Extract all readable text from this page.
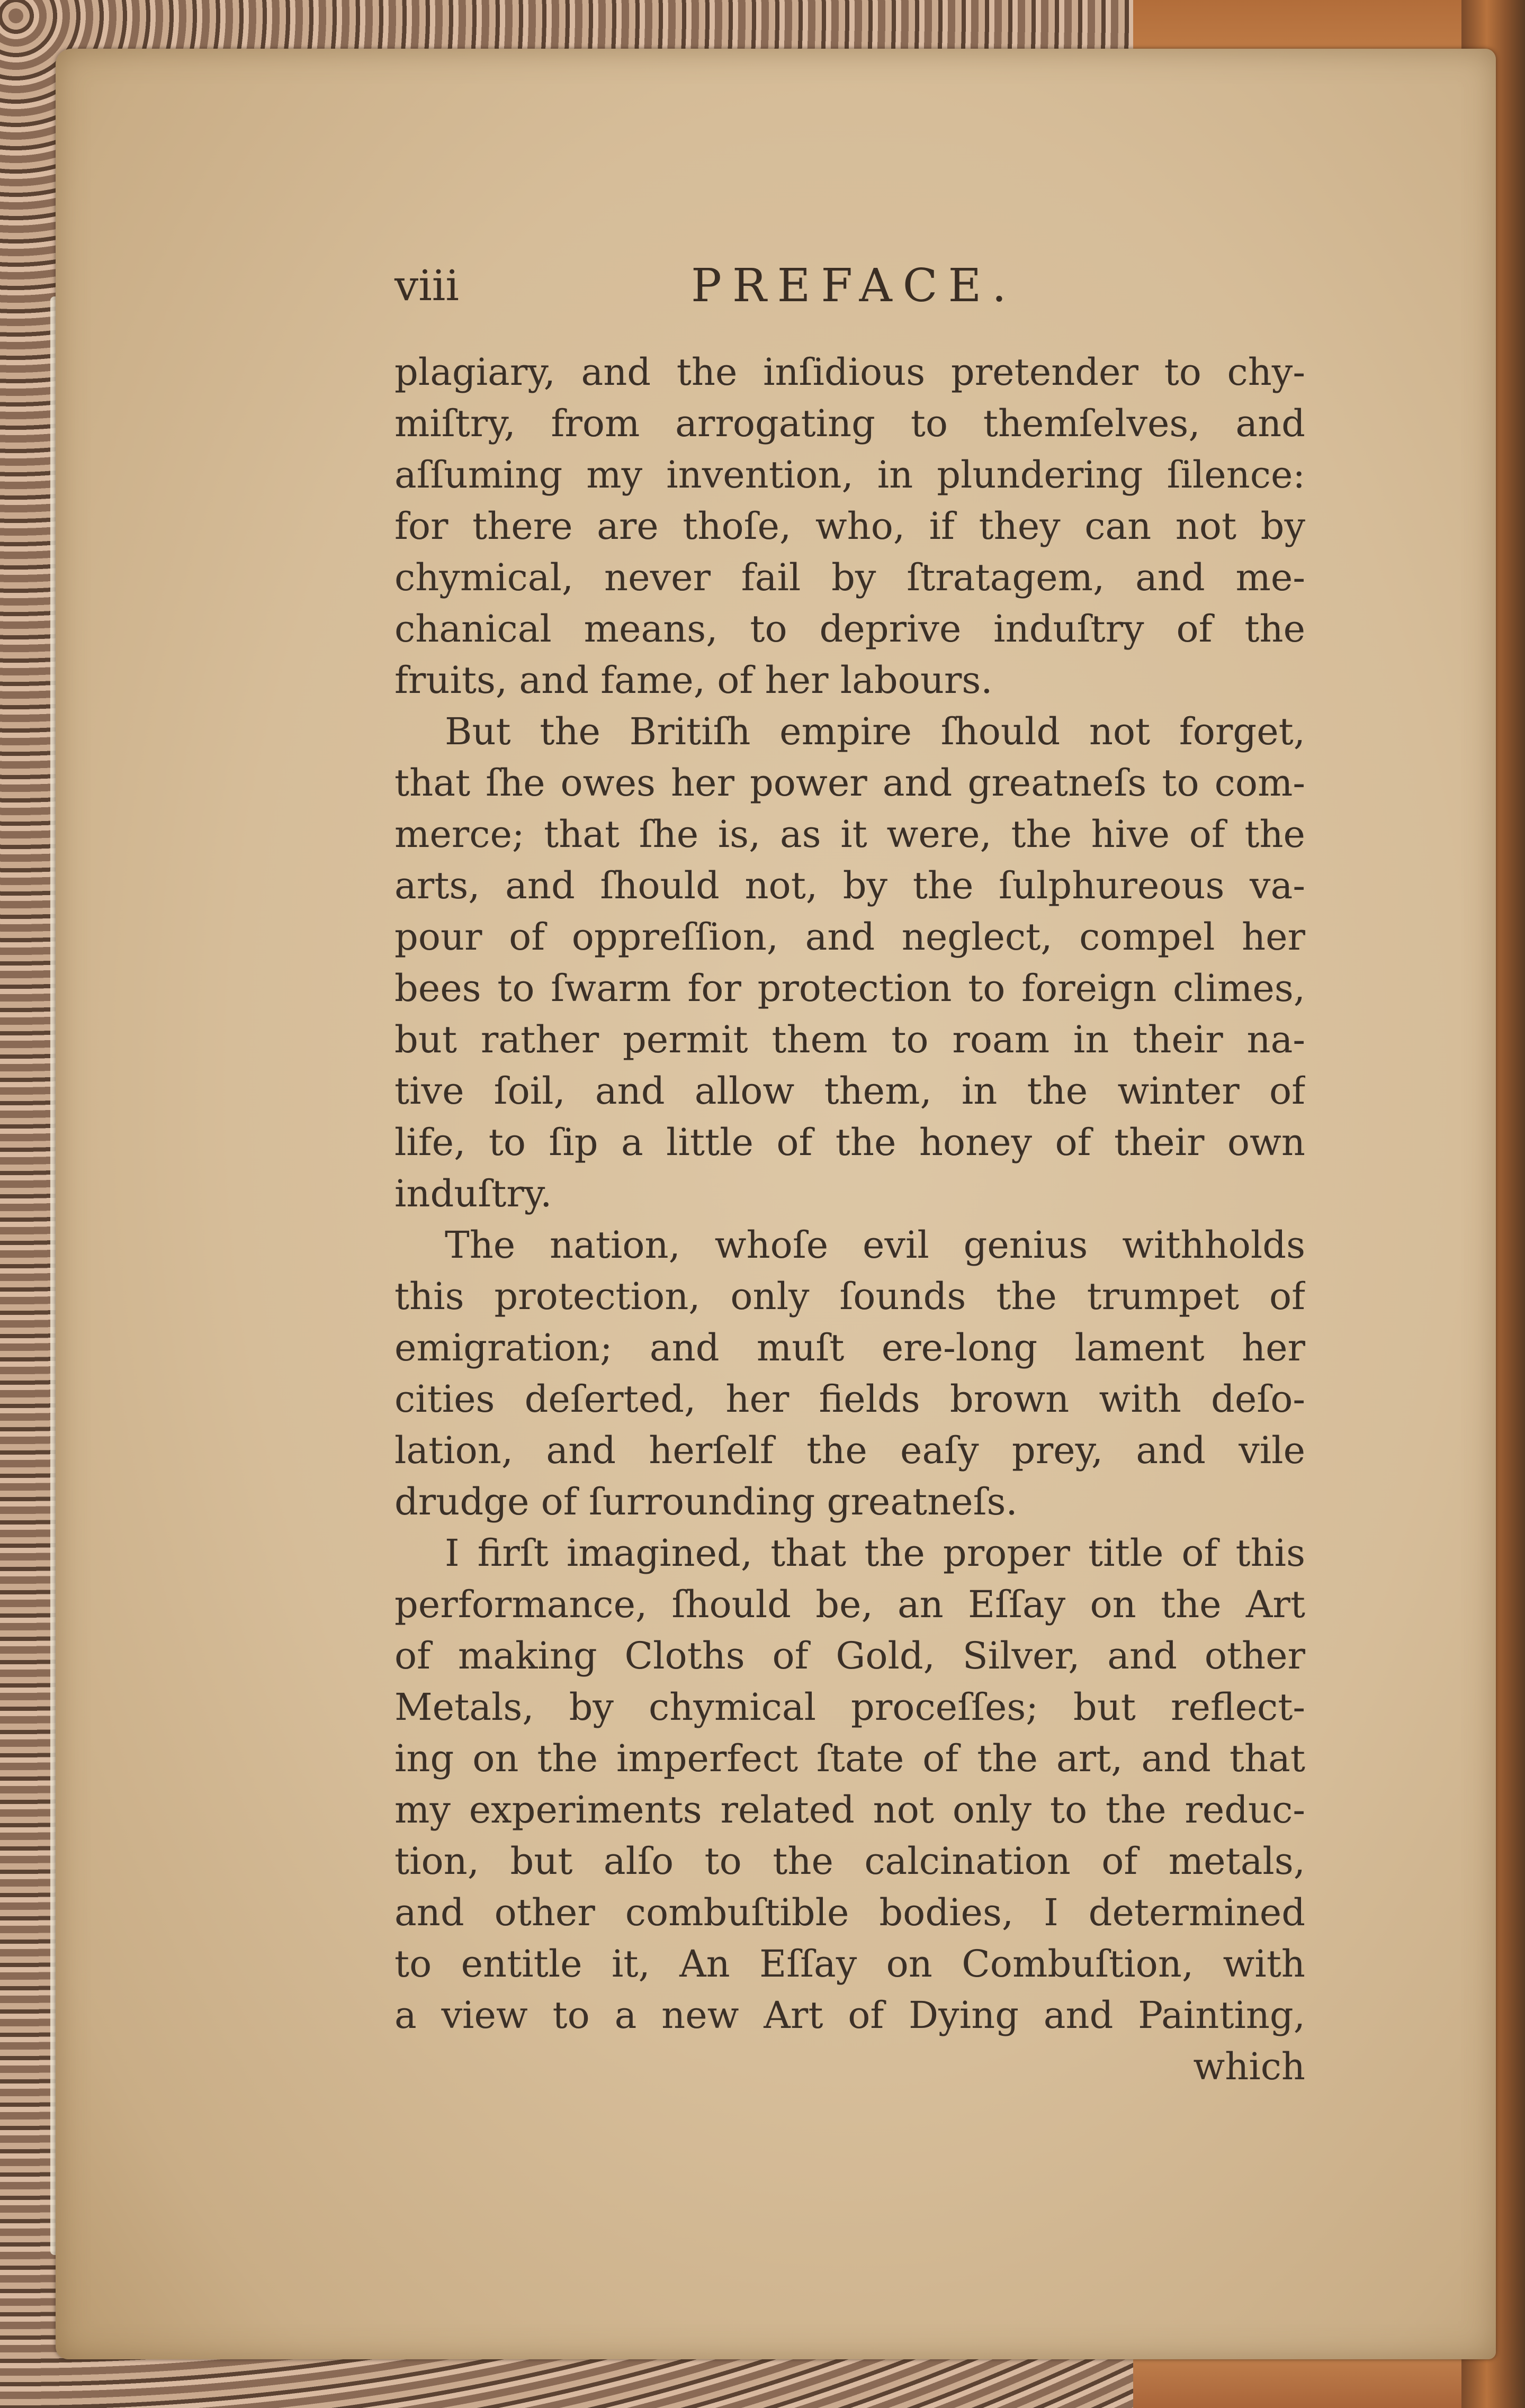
viii	PREFACE.
plagiary, and the inſidious pretender to chy-
miſtry, from arrogating to themſelves, and
aſſuming my invention, in plundering ſilence:
for there are thoſe, who, if they can not by
chymical, never fail by ſtratagem, and me-
chanical means, to deprive induſtry of the
fruits, and fame, of her labours.
But the Britiſh empire ſhould not forget,
that ſhe owes her power and greatneſs to com-
merce; that ſhe is, as it were, the hive of the
arts, and ſhould not, by the ſulphureous va-
pour of oppreſſion, and neglect, compel her
bees to ſwarm for protection to foreign climes,
but rather permit them to roam in their na-
tive ſoil, and allow them, in the winter of
life, to ſip a little of the honey of their own
induſtry.
The nation, whoſe evil genius withholds
this protection, only ſounds the trumpet of
emigration; and muſt ere-long lament her
cities deſerted, her fields brown with deſo-
lation, and herſelf the eaſy prey, and vile
drudge of ſurrounding greatneſs.
I firſt imagined, that the proper title of this
performance, ſhould be, an Eſſay on the Art
of making Cloths of Gold, Silver, and other
Metals, by chymical proceſſes; but reflect-
ing on the imperfect ſtate of the art, and that
my experiments related not only to the reduc-
tion, but alſo to the calcination of metals,
and other combuſtible bodies, I determined
to entitle it, An Eſſay on Combuſtion, with
a view to a new Art of Dying and Painting,
which
